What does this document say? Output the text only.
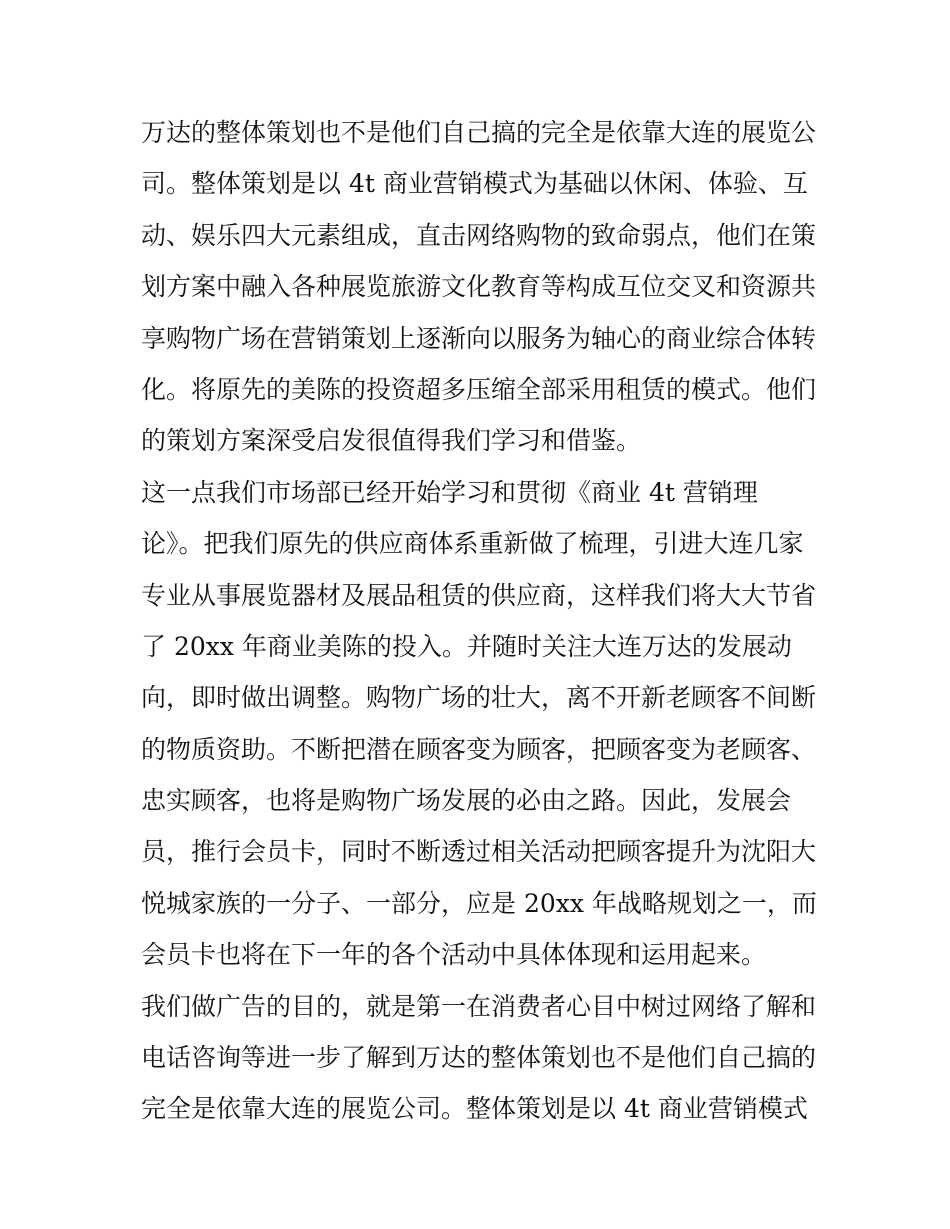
万达的整体策划也不是他们自己搞的完全是依靠大连的展览公
司。整体策划是以 4t 商业营销模式为基础以休闲、体验、互
动、娱乐四大元素组成，直击网络购物的致命弱点，他们在策
划方案中融入各种展览旅游文化教育等构成互位交叉和资源共
享购物广场在营销策划上逐渐向以服务为轴心的商业综合体转
化。将原先的美陈的投资超多压缩全部采用租赁的模式。他们
的策划方案深受启发很值得我们学习和借鉴。
这一点我们市场部已经开始学习和贯彻《商业 4t 营销理
论》。把我们原先的供应商体系重新做了梳理，引进大连几家
专业从事展览器材及展品租赁的供应商，这样我们将大大节省
了 20xx 年商业美陈的投入。并随时关注大连万达的发展动
向，即时做出调整。购物广场的壮大，离不开新老顾客不间断
的物质资助。不断把潜在顾客变为顾客，把顾客变为老顾客、
忠实顾客，也将是购物广场发展的必由之路。因此，发展会
员，推行会员卡，同时不断透过相关活动把顾客提升为沈阳大
悦城家族的一分子、一部分，应是 20xx 年战略规划之一，而
会员卡也将在下一年的各个活动中具体体现和运用起来。
我们做广告的目的，就是第一在消费者心目中树过网络了解和
电话咨询等进一步了解到万达的整体策划也不是他们自己搞的
完全是依靠大连的展览公司。整体策划是以 4t 商业营销模式
